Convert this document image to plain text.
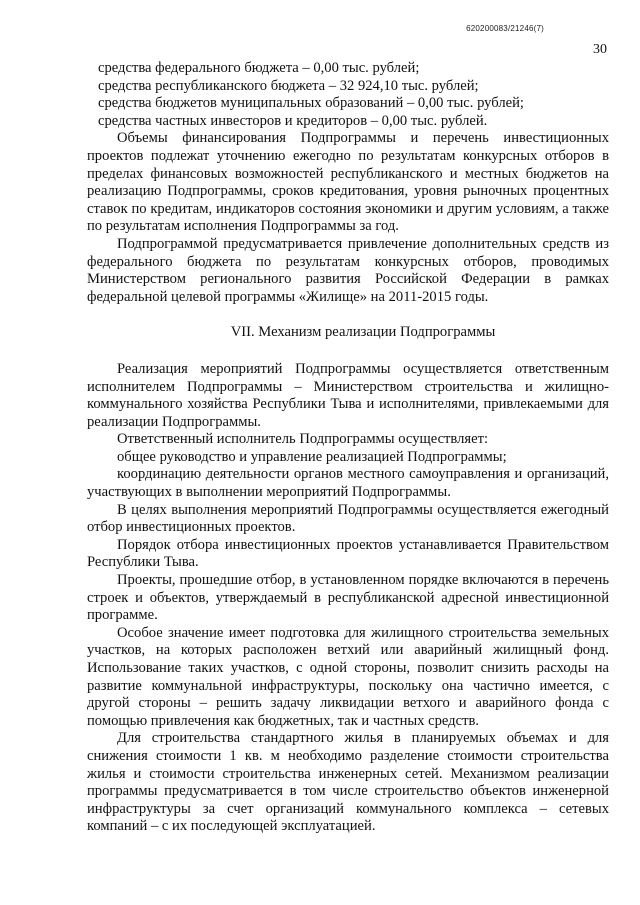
620200083/21246(7)
30

средства федерального бюджета – 0,00 тыс. рублей;

средства республиканского бюджета – 32 924,10 тыс. рублей;

средства бюджетов муниципальных образований – 0,00 тыс. рублей;

средства частных инвесторов и кредиторов – 0,00 тыс. рублей.

Объемы финансирования Подпрограммы и перечень инвестиционных проектов подлежат уточнению ежегодно по результатам конкурсных отборов в пределах финансовых возможностей республиканского и местных бюджетов на реализацию Подпрограммы, сроков кредитования, уровня рыночных процентных ставок по кредитам, индикаторов состояния экономики и другим условиям, а также по результатам исполнения Подпрограммы за год.

Подпрограммой предусматривается привлечение дополнительных средств из федерального бюджета по результатам конкурсных отборов, проводимых Министерством регионального развития Российской Федерации в рамках федеральной целевой программы «Жилище» на 2011-2015 годы.

VII. Механизм реализации Подпрограммы

Реализация мероприятий Подпрограммы осуществляется ответственным исполнителем Подпрограммы – Министерством строительства и жилищно-коммунального хозяйства Республики Тыва и исполнителями, привлекаемыми для реализации Подпрограммы.

Ответственный исполнитель Подпрограммы осуществляет:

общее руководство и управление реализацией Подпрограммы;

координацию деятельности органов местного самоуправления и организаций, участвующих в выполнении мероприятий Подпрограммы.

В целях выполнения мероприятий Подпрограммы осуществляется ежегодный отбор инвестиционных проектов.

Порядок отбора инвестиционных проектов устанавливается Правительством Республики Тыва.

Проекты, прошедшие отбор, в установленном порядке включаются в перечень строек и объектов, утверждаемый в республиканской адресной инвестиционной программе.

Особое значение имеет подготовка для жилищного строительства земельных участков, на которых расположен ветхий или аварийный жилищный фонд. Использование таких участков, с одной стороны, позволит снизить расходы на развитие коммунальной инфраструктуры, поскольку она частично имеется, с другой стороны – решить задачу ликвидации ветхого и аварийного фонда с помощью привлечения как бюджетных, так и частных средств.

Для строительства стандартного жилья в планируемых объемах и для снижения стоимости 1 кв. м необходимо разделение стоимости строительства жилья и стоимости строительства инженерных сетей. Механизмом реализации программы предусматривается в том числе строительство объектов инженерной инфраструктуры за счет организаций коммунального комплекса – сетевых компаний – с их последующей эксплуатацией.
